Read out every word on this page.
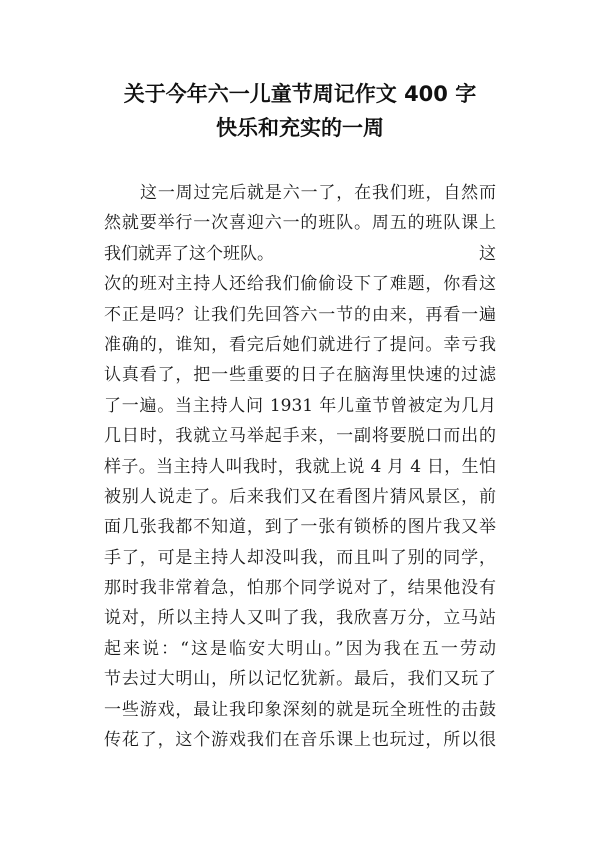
关于今年六一儿童节周记作文 400 字
快乐和充实的一周
这一周过完后就是六一了，在我们班，自然而
然就要举行一次喜迎六一的班队。周五的班队课上
我们就弄了这个班队。	这
次的班对主持人还给我们偷偷设下了难题，你看这
不正是吗？让我们先回答六一节的由来，再看一遍
准确的，谁知，看完后她们就进行了提问。幸亏我
认真看了，把一些重要的日子在脑海里快速的过滤
了一遍。当主持人问 1931 年儿童节曾被定为几月
几日时，我就立马举起手来，一副将要脱口而出的
样子。当主持人叫我时，我就上说 4 月 4 日，生怕
被别人说走了。后来我们又在看图片猜风景区，前
面几张我都不知道，到了一张有锁桥的图片我又举
手了，可是主持人却没叫我，而且叫了别的同学，
那时我非常着急，怕那个同学说对了，结果他没有
说对，所以主持人又叫了我，我欣喜万分，立马站
起来说：“这是临安大明山。”因为我在五一劳动
节去过大明山，所以记忆犹新。最后，我们又玩了
一些游戏，最让我印象深刻的就是玩全班性的击鼓
传花了，这个游戏我们在音乐课上也玩过，所以很
